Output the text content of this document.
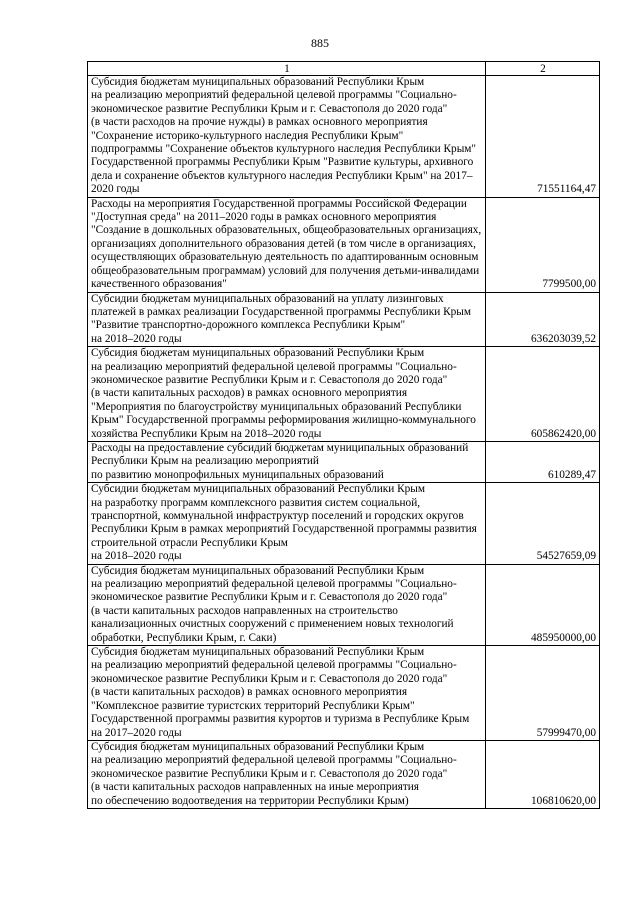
885
1	2
Субсидия бюджетам муниципальных образований Республики Крым
на реализацию мероприятий федеральной целевой программы "Социально-экономическое развитие Республики Крым и г. Севастополя до 2020 года"
(в части расходов на прочие нужды) в рамках основного мероприятия
"Сохранение историко-культурного наследия Республики Крым"
подпрограммы "Сохранение объектов культурного наследия Республики Крым" Государственной программы Республики Крым "Развитие культуры, архивного дела и сохранение объектов культурного наследия Республики Крым" на 2017–2020 годы	71551164,47
Расходы на мероприятия Государственной программы Российской Федерации "Доступная среда" на 2011–2020 годы в рамках основного мероприятия "Создание в дошкольных образовательных, общеобразовательных организациях, организациях дополнительного образования детей (в том числе в организациях, осуществляющих образовательную деятельность по адаптированным основным общеобразовательным программам) условий для получения детьми-инвалидами качественного образования"	7799500,00
Субсидии бюджетам муниципальных образований на уплату лизинговых платежей в рамках реализации Государственной программы Республики Крым "Развитие транспортно-дорожного комплекса Республики Крым"
на 2018–2020 годы	636203039,52
Субсидия бюджетам муниципальных образований Республики Крым
на реализацию мероприятий федеральной целевой программы "Социально-экономическое развитие Республики Крым и г. Севастополя до 2020 года"
(в части капитальных расходов) в рамках основного мероприятия
"Мероприятия по благоустройству муниципальных образований Республики Крым" Государственной программы реформирования жилищно-коммунального хозяйства Республики Крым на 2018–2020 годы	605862420,00
Расходы на предоставление субсидий бюджетам муниципальных образований Республики Крым на реализацию мероприятий
по развитию монопрофильных муниципальных образований	610289,47
Субсидии бюджетам муниципальных образований Республики Крым
на разработку программ комплексного развития систем социальной, транспортной, коммунальной инфраструктур поселений и городских округов Республики Крым в рамках мероприятий Государственной программы развития строительной отрасли Республики Крым
на 2018–2020 годы	54527659,09
Субсидия бюджетам муниципальных образований Республики Крым
на реализацию мероприятий федеральной целевой программы "Социально-экономическое развитие Республики Крым и г. Севастополя до 2020 года"
(в части капитальных расходов направленных на строительство канализационных очистных сооружений с применением новых технологий обработки, Республики Крым, г. Саки)	485950000,00
Субсидия бюджетам муниципальных образований Республики Крым
на реализацию мероприятий федеральной целевой программы "Социально-экономическое развитие Республики Крым и г. Севастополя до 2020 года"
(в части капитальных расходов) в рамках основного мероприятия
"Комплексное развитие туристских территорий Республики Крым"
Государственной программы развития курортов и туризма в Республике Крым на 2017–2020 годы	57999470,00
Субсидия бюджетам муниципальных образований Республики Крым
на реализацию мероприятий федеральной целевой программы "Социально-экономическое развитие Республики Крым и г. Севастополя до 2020 года"
(в части капитальных расходов направленных на иные мероприятия
по обеспечению водоотведения на территории Республики Крым)	106810620,00
